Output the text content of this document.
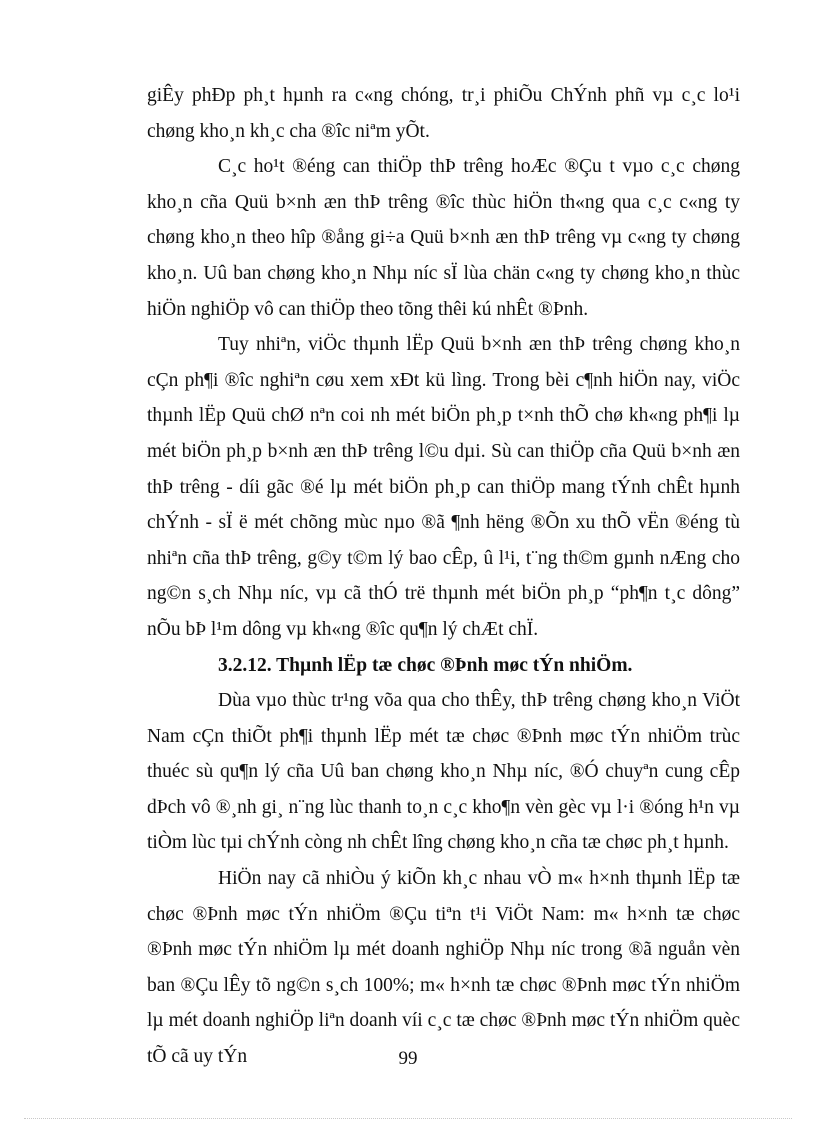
giÊy phÐp ph¸t hµnh ra c«ng chóng, tr¸i phiÕu ChÝnh phñ vµ c¸c lo¹i chøng kho¸n kh¸c cha ®îc niªm yÕt.

C¸c ho¹t ®éng can thiÖp thÞ trêng hoÆc ®Çu t vµo c¸c chøng kho¸n cña Quü b×nh æn thÞ trêng ®îc thùc hiÖn th«ng qua c¸c c«ng ty chøng kho¸n theo hîp ®ång gi÷a Quü b×nh æn thÞ trêng vµ c«ng ty chøng kho¸n. Uû ban chøng kho¸n Nhµ níc sÏ lùa chän c«ng ty chøng kho¸n thùc hiÖn nghiÖp vô can thiÖp theo tõng thêi kú nhÊt ®Þnh.

Tuy nhiªn, viÖc thµnh lËp Quü b×nh æn thÞ trêng chøng kho¸n cÇn ph¶i ®îc nghiªn cøu xem xÐt kü lìng. Trong bèi c¶nh hiÖn nay, viÖc thµnh lËp Quü chØ nªn coi nh mét biÖn ph¸p t×nh thÕ chø kh«ng ph¶i lµ mét biÖn ph¸p b×nh æn thÞ trêng l©u dµi. Sù can thiÖp cña Quü b×nh æn thÞ trêng - díi gãc ®é lµ mét biÖn ph¸p can thiÖp mang tÝnh chÊt hµnh chÝnh - sÏ ë mét chõng mùc nµo ®ã ¶nh hëng ®Õn xu thÕ vËn ®éng tù nhiªn cña thÞ trêng, g©y t©m lý bao cÊp, û l¹i, t¨ng th©m gµnh nÆng cho ng©n s¸ch Nhµ níc, vµ cã thÓ trë thµnh mét biÖn ph¸p “ph¶n t¸c dông” nÕu bÞ l¹m dông vµ kh«ng ®îc qu¶n lý chÆt chÏ.

3.2.12. Thµnh lËp tæ chøc ®Þnh møc tÝn nhiÖm.

Dùa vµo thùc tr¹ng võa qua cho thÊy, thÞ trêng chøng kho¸n ViÖt Nam cÇn thiÕt ph¶i thµnh lËp mét tæ chøc ®Þnh møc tÝn nhiÖm trùc thuéc sù qu¶n lý cña Uû ban chøng kho¸n Nhµ níc, ®Ó chuyªn cung cÊp dÞch vô ®¸nh gi¸ n¨ng lùc thanh to¸n c¸c kho¶n vèn gèc vµ l·i ®óng h¹n vµ tiÒm lùc tµi chÝnh còng nh chÊt lîng chøng kho¸n cña tæ chøc ph¸t hµnh.

HiÖn nay cã nhiÒu ý kiÕn kh¸c nhau vÒ m« h×nh thµnh lËp tæ chøc ®Þnh møc tÝn nhiÖm ®Çu tiªn t¹i ViÖt Nam: m« h×nh tæ chøc ®Þnh møc tÝn nhiÖm lµ mét doanh nghiÖp Nhµ níc trong ®ã nguån vèn ban ®Çu lÊy tõ ng©n s¸ch 100%; m« h×nh tæ chøc ®Þnh møc tÝn nhiÖm lµ mét doanh nghiÖp liªn doanh víi c¸c tæ chøc ®Þnh møc tÝn nhiÖm quèc tÕ cã uy tÝn	99
